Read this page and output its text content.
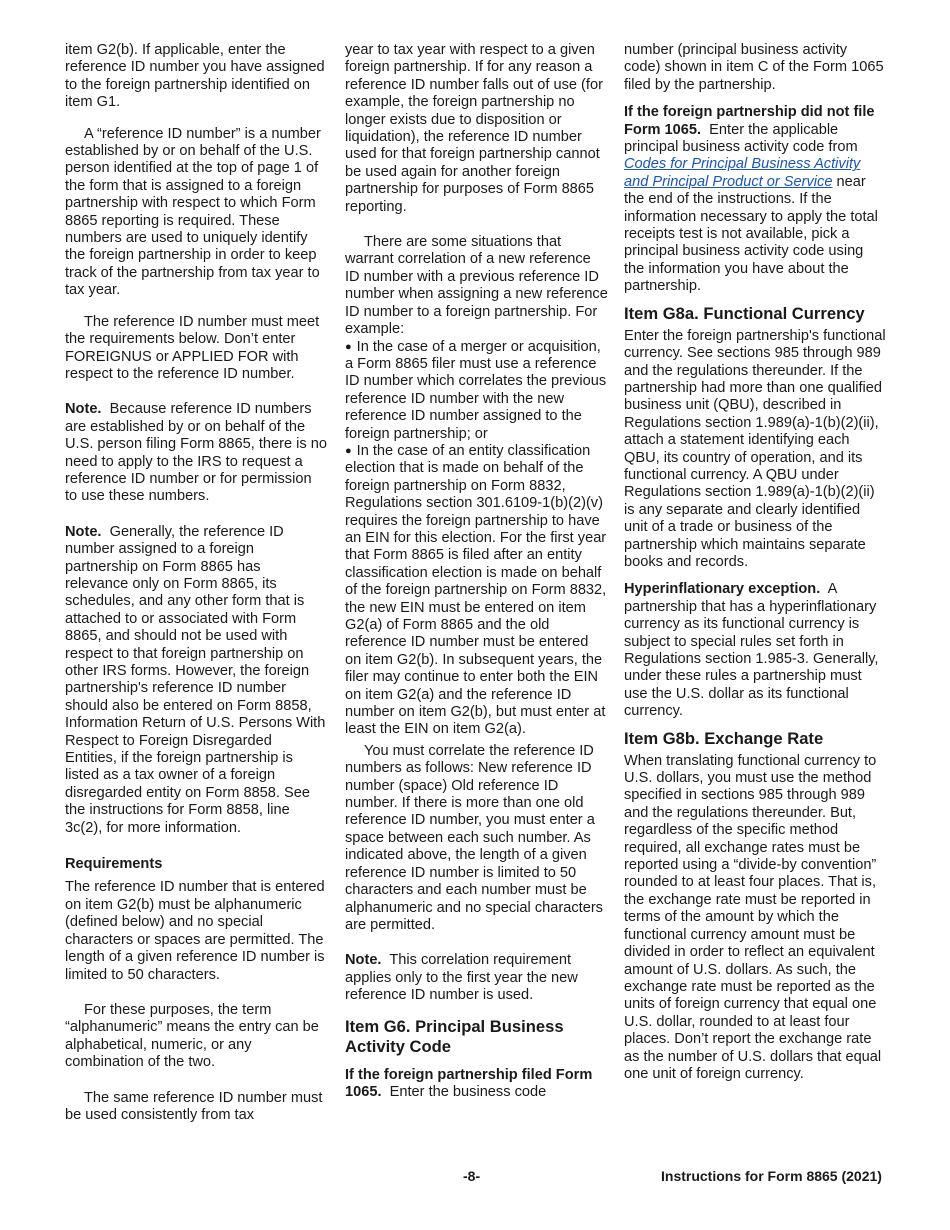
item G2(b). If applicable, enter the reference ID number you have assigned to the foreign partnership identified on item G1.

A “reference ID number” is a number established by or on behalf of the U.S. person identified at the top of page 1 of the form that is assigned to a foreign partnership with respect to which Form 8865 reporting is required. These numbers are used to uniquely identify the foreign partnership in order to keep track of the partnership from tax year to tax year.

The reference ID number must meet the requirements below. Don’t enter FOREIGNUS or APPLIED FOR with respect to the reference ID number.

Note. Because reference ID numbers are established by or on behalf of the U.S. person filing Form 8865, there is no need to apply to the IRS to request a reference ID number or for permission to use these numbers.

Note. Generally, the reference ID number assigned to a foreign partnership on Form 8865 has relevance only on Form 8865, its schedules, and any other form that is attached to or associated with Form 8865, and should not be used with respect to that foreign partnership on other IRS forms. However, the foreign partnership's reference ID number should also be entered on Form 8858, Information Return of U.S. Persons With Respect to Foreign Disregarded Entities, if the foreign partnership is listed as a tax owner of a foreign disregarded entity on Form 8858. See the instructions for Form 8858, line 3c(2), for more information.

Requirements

The reference ID number that is entered on item G2(b) must be alphanumeric (defined below) and no special characters or spaces are permitted. The length of a given reference ID number is limited to 50 characters.

For these purposes, the term “alphanumeric” means the entry can be alphabetical, numeric, or any combination of the two.

The same reference ID number must be used consistently from tax

year to tax year with respect to a given foreign partnership. If for any reason a reference ID number falls out of use (for example, the foreign partnership no longer exists due to disposition or liquidation), the reference ID number used for that foreign partnership cannot be used again for another foreign partnership for purposes of Form 8865 reporting.

There are some situations that warrant correlation of a new reference ID number with a previous reference ID number when assigning a new reference ID number to a foreign partnership. For example:

● In the case of a merger or acquisition, a Form 8865 filer must use a reference ID number which correlates the previous reference ID number with the new reference ID number assigned to the foreign partnership; or

● In the case of an entity classification election that is made on behalf of the foreign partnership on Form 8832, Regulations section 301.6109-1(b)(2)(v) requires the foreign partnership to have an EIN for this election. For the first year that Form 8865 is filed after an entity classification election is made on behalf of the foreign partnership on Form 8832, the new EIN must be entered on item G2(a) of Form 8865 and the old reference ID number must be entered on item G2(b). In subsequent years, the filer may continue to enter both the EIN on item G2(a) and the reference ID number on item G2(b), but must enter at least the EIN on item G2(a).

You must correlate the reference ID numbers as follows: New reference ID number (space) Old reference ID number. If there is more than one old reference ID number, you must enter a space between each such number. As indicated above, the length of a given reference ID number is limited to 50 characters and each number must be alphanumeric and no special characters are permitted.

Note. This correlation requirement applies only to the first year the new reference ID number is used.

Item G6. Principal Business Activity Code

If the foreign partnership filed Form 1065. Enter the business code

number (principal business activity code) shown in item C of the Form 1065 filed by the partnership.

If the foreign partnership did not file Form 1065. Enter the applicable principal business activity code from Codes for Principal Business Activity and Principal Product or Service near the end of the instructions. If the information necessary to apply the total receipts test is not available, pick a principal business activity code using the information you have about the partnership.

Item G8a. Functional Currency

Enter the foreign partnership's functional currency. See sections 985 through 989 and the regulations thereunder. If the partnership had more than one qualified business unit (QBU), described in Regulations section 1.989(a)-1(b)(2)(ii), attach a statement identifying each QBU, its country of operation, and its functional currency. A QBU under Regulations section 1.989(a)-1(b)(2)(ii) is any separate and clearly identified unit of a trade or business of the partnership which maintains separate books and records.

Hyperinflationary exception. A partnership that has a hyperinflationary currency as its functional currency is subject to special rules set forth in Regulations section 1.985-3. Generally, under these rules a partnership must use the U.S. dollar as its functional currency.

Item G8b. Exchange Rate

When translating functional currency to U.S. dollars, you must use the method specified in sections 985 through 989 and the regulations thereunder. But, regardless of the specific method required, all exchange rates must be reported using a “divide-by convention” rounded to at least four places. That is, the exchange rate must be reported in terms of the amount by which the functional currency amount must be divided in order to reflect an equivalent amount of U.S. dollars. As such, the exchange rate must be reported as the units of foreign currency that equal one U.S. dollar, rounded to at least four places. Don’t report the exchange rate as the number of U.S. dollars that equal one unit of foreign currency.

-8-	Instructions for Form 8865 (2021)
